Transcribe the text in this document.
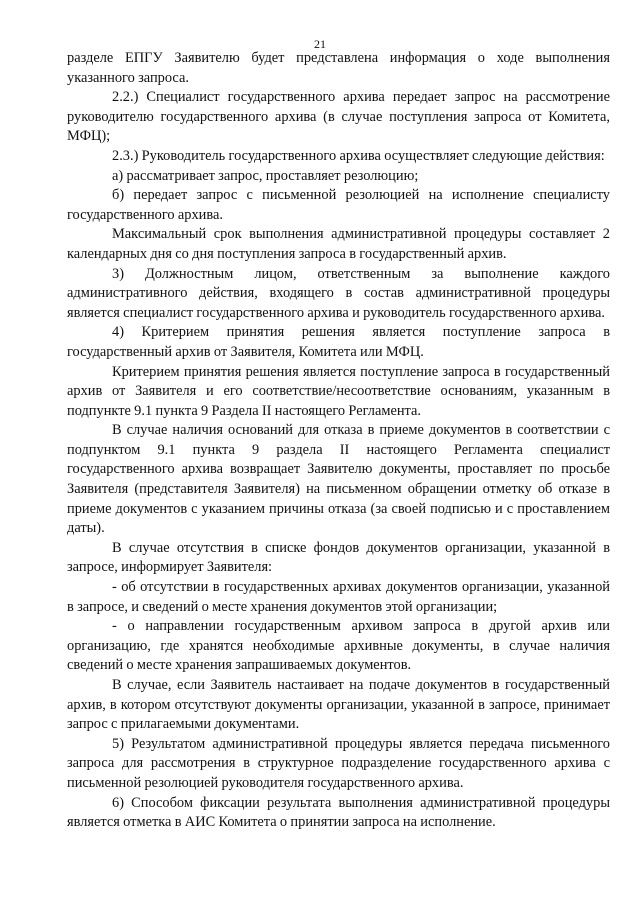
21

разделе ЕПГУ Заявителю будет представлена информация о ходе выполнения указанного запроса.

2.2.) Специалист государственного архива передает запрос на рассмотрение руководителю государственного архива (в случае поступления запроса от Комитета, МФЦ);

2.3.) Руководитель государственного архива осуществляет следующие действия:

а) рассматривает запрос, проставляет резолюцию;

б) передает запрос с письменной резолюцией на исполнение специалисту государственного архива.

Максимальный срок выполнения административной процедуры составляет 2 календарных дня со дня поступления запроса в государственный архив.

3) Должностным лицом, ответственным за выполнение каждого административного действия, входящего в состав административной процедуры является специалист государственного архива и руководитель государственного архива.

4) Критерием принятия решения является поступление запроса в государственный архив от Заявителя, Комитета или МФЦ.

Критерием принятия решения является поступление запроса в государственный архив от Заявителя и его соответствие/несоответствие основаниям, указанным в подпункте 9.1 пункта 9 Раздела II настоящего Регламента.

В случае наличия оснований для отказа в приеме документов в соответствии с подпунктом 9.1 пункта 9 раздела II настоящего Регламента специалист государственного архива возвращает Заявителю документы, проставляет по просьбе Заявителя (представителя Заявителя) на письменном обращении отметку об отказе в приеме документов с указанием причины отказа (за своей подписью и с проставлением даты).

В случае отсутствия в списке фондов документов организации, указанной в запросе, информирует Заявителя:

- об отсутствии в государственных архивах документов организации, указанной в запросе, и сведений о месте хранения документов этой организации;

- о направлении государственным архивом запроса в другой архив или организацию, где хранятся необходимые архивные документы, в случае наличия сведений о месте хранения запрашиваемых документов.

В случае, если Заявитель настаивает на подаче документов в государственный архив, в котором отсутствуют документы организации, указанной в запросе, принимает запрос с прилагаемыми документами.

5) Результатом административной процедуры является передача письменного запроса для рассмотрения в структурное подразделение государственного архива с письменной резолюцией руководителя государственного архива.

6) Способом фиксации результата выполнения административной процедуры является отметка в АИС Комитета о принятии запроса на исполнение.
